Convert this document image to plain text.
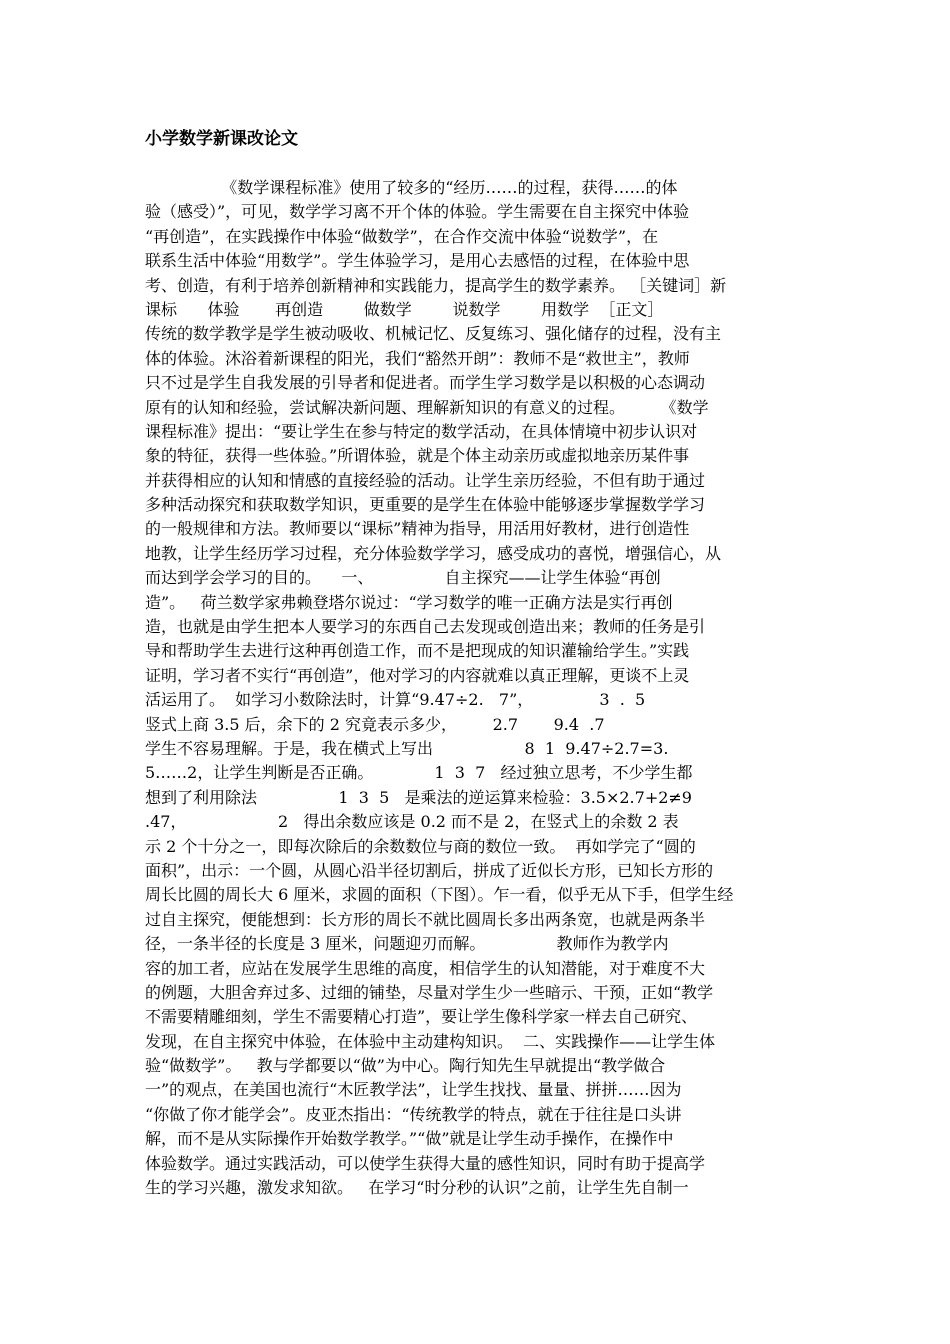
小学数学新课改论文
《数学课程标准》使用了较多的“经历……的过程，获得……的体
验（感受）”，可见，数学学习离不开个体的体验。学生需要在自主探究中体验
“再创造”，在实践操作中体验“做数学”，在合作交流中体验“说数学”，在
联系生活中体验“用数学”。学生体验学习，是用心去感悟的过程，在体验中思
考、创造，有利于培养创新精神和实践能力，提高学生的数学素养。 ［关键词］新
课标      体验       再创造        做数学        说数学        用数学  ［正文］
传统的数学教学是学生被动吸收、机械记忆、反复练习、强化储存的过程，没有主
体的体验。沐浴着新课程的阳光，我们“豁然开朗”：教师不是“救世主”，教师
只不过是学生自我发展的引导者和促进者。而学生学习数学是以积极的心态调动
原有的认知和经验，尝试解决新问题、理解新知识的有意义的过程。       《数学
课程标准》提出：“要让学生在参与特定的数学活动，在具体情境中初步认识对
象的特征，获得一些体验。”所谓体验，就是个体主动亲历或虚拟地亲历某件事
并获得相应的认知和情感的直接经验的活动。让学生亲历经验，不但有助于通过
多种活动探究和获取数学知识，更重要的是学生在体验中能够逐步掌握数学学习
的一般规律和方法。教师要以“课标”精神为指导，用活用好教材，进行创造性
地教，让学生经历学习过程，充分体验数学学习，感受成功的喜悦，增强信心，从
而达到学会学习的目的。    一、              自主探究——让学生体验“再创
造”。   荷兰数学家弗赖登塔尔说过：“学习数学的唯一正确方法是实行再创
造，也就是由学生把本人要学习的东西自己去发现或创造出来；教师的任务是引
导和帮助学生去进行这种再创造工作，而不是把现成的知识灌输给学生。”实践
证明，学习者不实行“再创造”，他对学习的内容就难以真正理解，更谈不上灵
活运用了。  如学习小数除法时，计算“9.47÷2.   7”，             3  .  5
竖式上商 3.5 后，余下的 2 究竟表示多少，       2.7       9.4  .7
学生不容易理解。于是，我在横式上写出                  8  1  9.47÷2.7=3.
5……2，让学生判断是否正确。            1  3  7   经过独立思考，不少学生都
想到了利用除法                1  3  5   是乘法的逆运算来检验：3.5×2.7+2≠9
.47，                  2   得出余数应该是 0.2 而不是 2，在竖式上的余数 2 表
示 2 个十分之一，即每次除后的余数数位与商的数位一致。  再如学完了“圆的
面积”，出示：一个圆，从圆心沿半径切割后，拼成了近似长方形，已知长方形的
周长比圆的周长大 6 厘米，求圆的面积（下图）。乍一看，似乎无从下手，但学生经
过自主探究，便能想到：长方形的周长不就比圆周长多出两条宽，也就是两条半
径，一条半径的长度是 3 厘米，问题迎刃而解。              教师作为教学内
容的加工者，应站在发展学生思维的高度，相信学生的认知潜能，对于难度不大
的例题，大胆舍弃过多、过细的铺垫，尽量对学生少一些暗示、干预，正如“教学
不需要精雕细刻，学生不需要精心打造”，要让学生像科学家一样去自己研究、
发现，在自主探究中体验，在体验中主动建构知识。  二、实践操作——让学生体
验“做数学”。   教与学都要以“做”为中心。陶行知先生早就提出“教学做合
一”的观点，在美国也流行“木匠教学法”，让学生找找、量量、拼拼……因为
“你做了你才能学会”。皮亚杰指出：“传统教学的特点，就在于往往是口头讲
解，而不是从实际操作开始数学教学。”“做”就是让学生动手操作，在操作中
体验数学。通过实践活动，可以使学生获得大量的感性知识，同时有助于提高学
生的学习兴趣，激发求知欲。   在学习“时分秒的认识”之前，让学生先自制一
